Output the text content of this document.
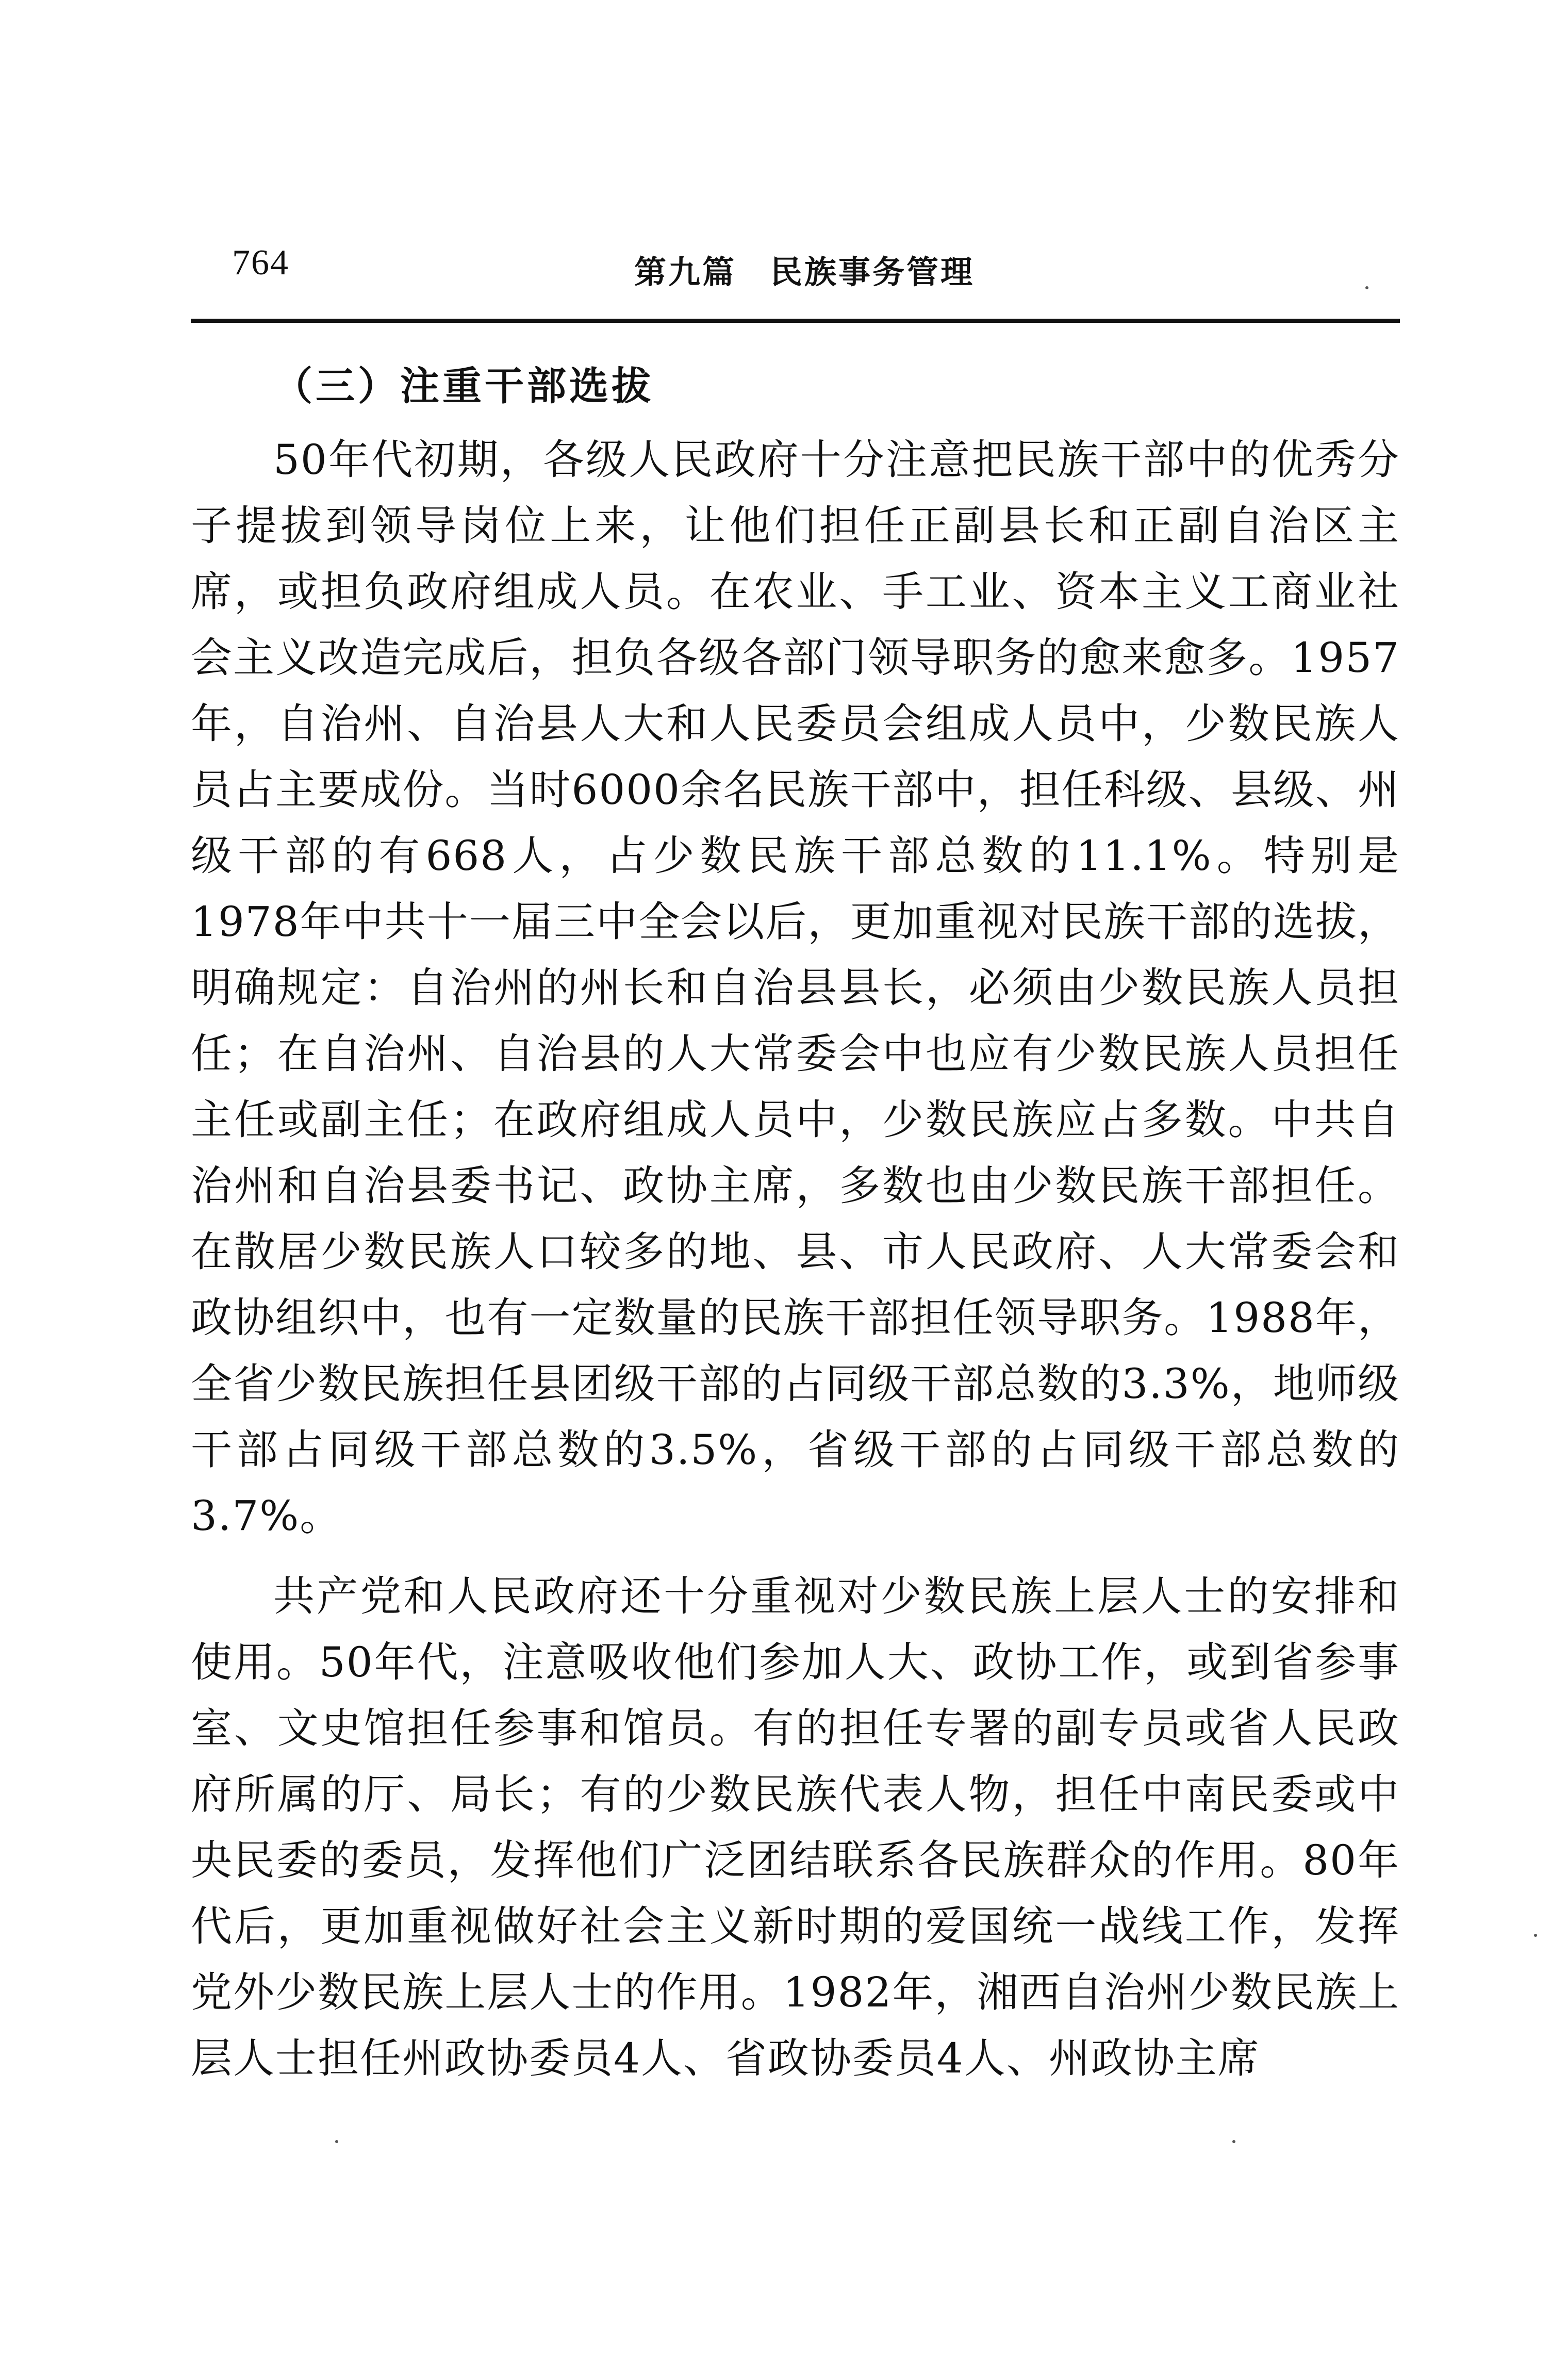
764	第九篇　民族事务管理
（三）注重干部选拔

50年代初期，各级人民政府十分注意把民族干部中的优秀分子提拔到领导岗位上来，让他们担任正副县长和正副自治区主席，或担负政府组成人员。在农业、手工业、资本主义工商业社会主义改造完成后，担负各级各部门领导职务的愈来愈多。1957年，自治州、自治县人大和人民委员会组成人员中，少数民族人员占主要成份。当时6000余名民族干部中，担任科级、县级、州级干部的有668人，占少数民族干部总数的11.1%。特别是1978年中共十一届三中全会以后，更加重视对民族干部的选拔，明确规定：自治州的州长和自治县县长，必须由少数民族人员担任；在自治州、自治县的人大常委会中也应有少数民族人员担任主任或副主任；在政府组成人员中，少数民族应占多数。中共自治州和自治县委书记、政协主席，多数也由少数民族干部担任。在散居少数民族人口较多的地、县、市人民政府、人大常委会和政协组织中，也有一定数量的民族干部担任领导职务。1988年，全省少数民族担任县团级干部的占同级干部总数的3.3%，地师级干部占同级干部总数的3.5%，省级干部的占同级干部总数的3.7%。

共产党和人民政府还十分重视对少数民族上层人士的安排和使用。50年代，注意吸收他们参加人大、政协工作，或到省参事室、文史馆担任参事和馆员。有的担任专署的副专员或省人民政府所属的厅、局长；有的少数民族代表人物，担任中南民委或中央民委的委员，发挥他们广泛团结联系各民族群众的作用。80年代后，更加重视做好社会主义新时期的爱国统一战线工作，发挥党外少数民族上层人士的作用。1982年，湘西自治州少数民族上层人士担任州政协委员4人、省政协委员4人、州政协主席
